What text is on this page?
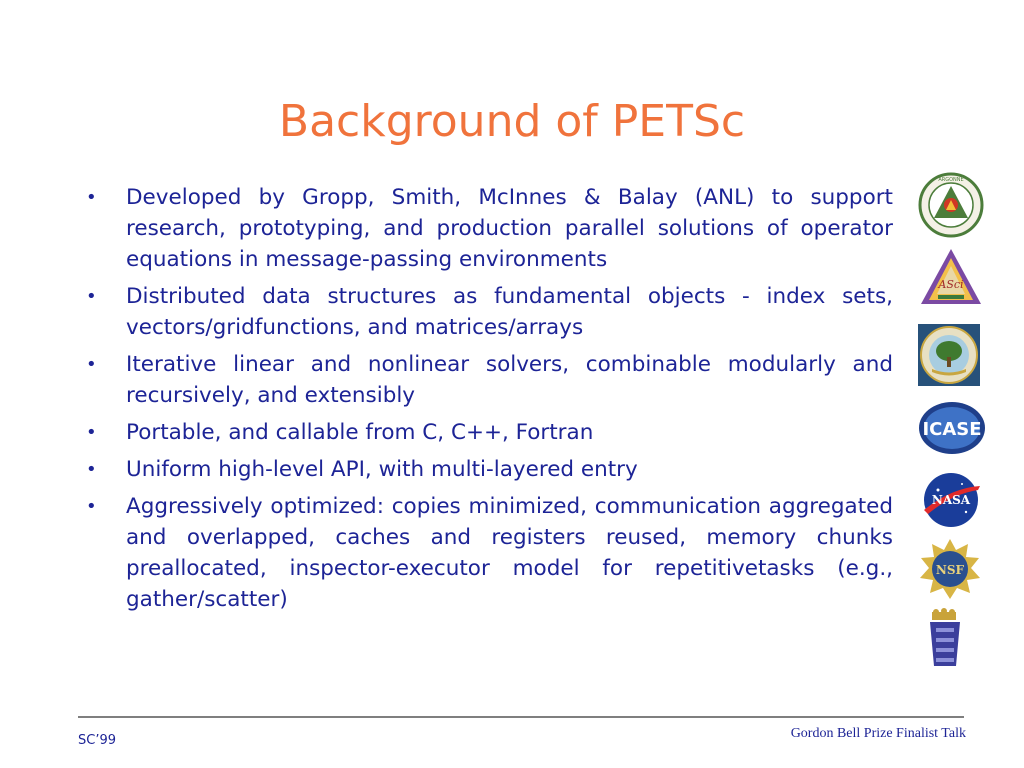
Background of PETSc
• Developed by Gropp, Smith, McInnes & Balay (ANL) to support research, prototyping, and production parallel solutions of operator equations in message-passing environments
• Distributed data structures as fundamental objects - index sets, vectors/gridfunctions, and matrices/arrays
• Iterative linear and nonlinear solvers, combinable modularly and recursively, and extensibly
• Portable, and callable from C, C++, Fortran
• Uniform high-level API, with multi-layered entry
• Aggressively optimized: copies minimized, communication aggregated and overlapped, caches and registers reused, memory chunks preallocated, inspector-executor model for repetitivetasks (e.g., gather/scatter)
ARGONNE
ASci
ICASE
NASA
NSF
SC’99	Gordon Bell Prize Finalist Talk
